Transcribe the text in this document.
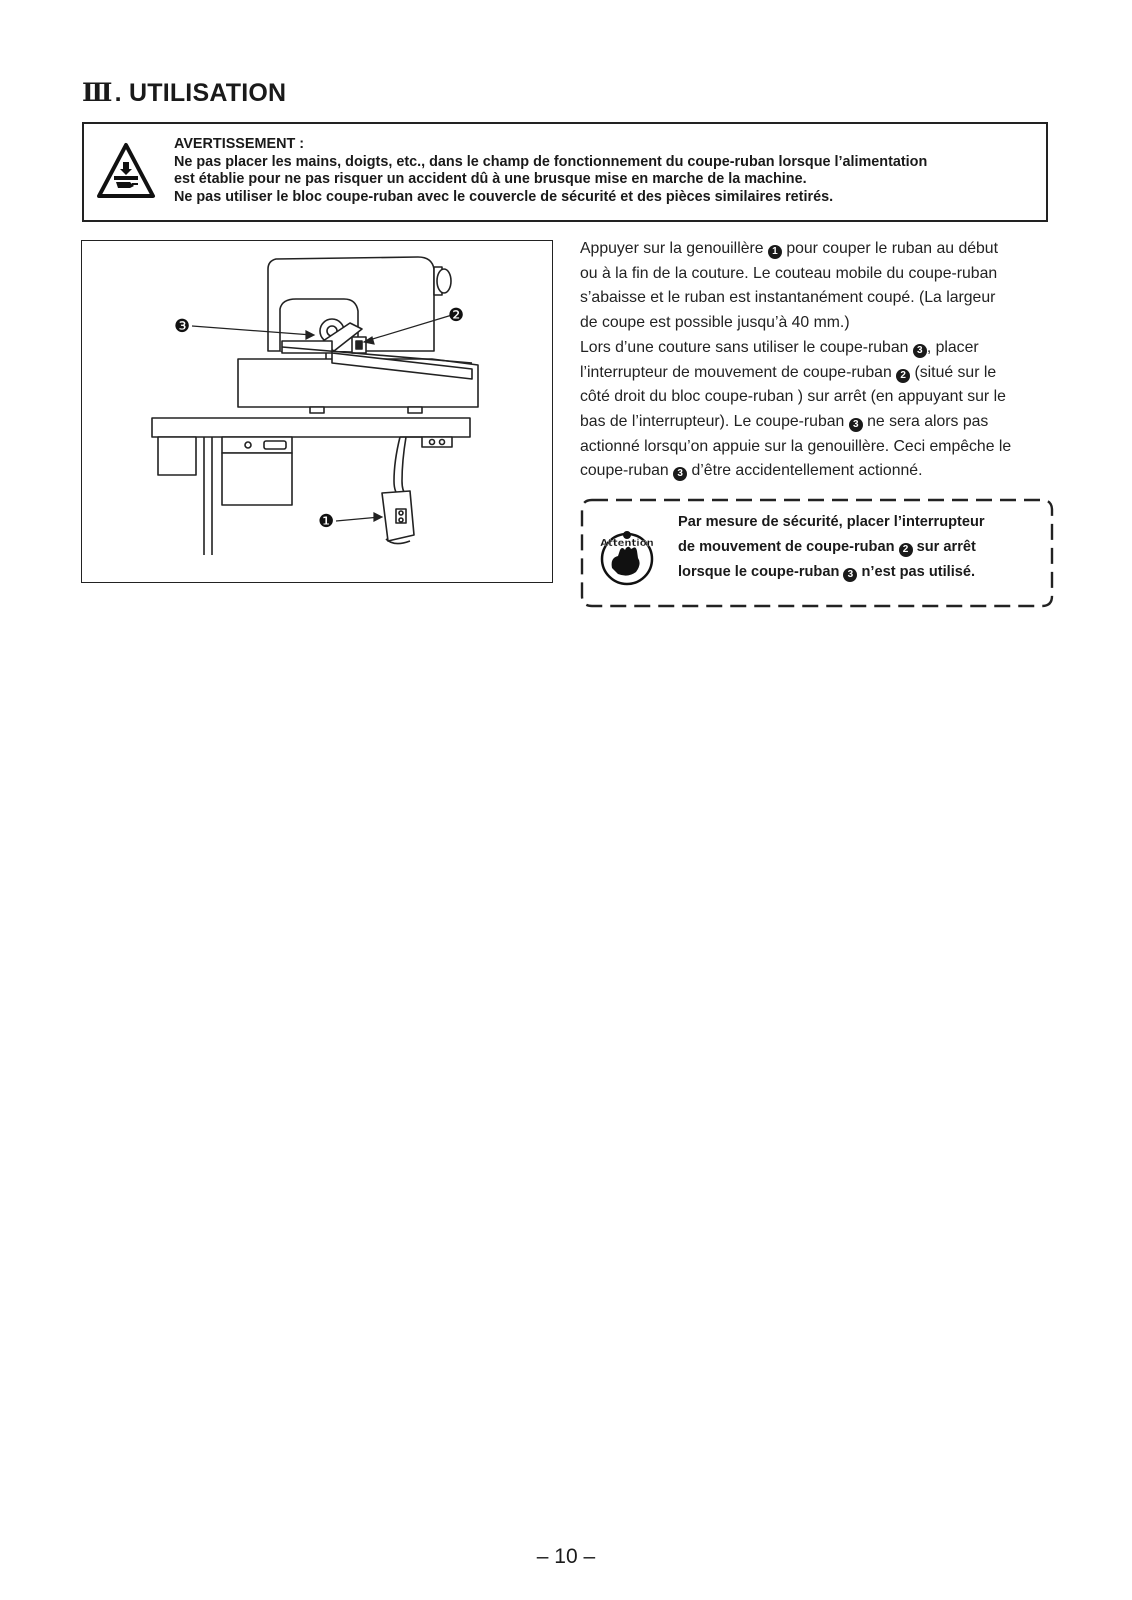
Ⅲ. UTILISATION
AVERTISSEMENT :
Ne pas placer les mains, doigts, etc., dans le champ de fonctionnement du coupe-ruban lorsque l’alimentation
est établie pour ne pas risquer un accident dû à une brusque mise en marche de la machine.
Ne pas utiliser le bloc coupe-ruban avec le couvercle de sécurité et des pièces similaires retirés.
❸
❷
❶

Appuyer sur la genouillère 1 pour couper le ruban au début
ou à la fin de la couture. Le couteau mobile du coupe-ruban
s’abaisse et le ruban est instantanément coupé. (La largeur
de coupe est possible jusqu’à 40 mm.)

Lors d’une couture sans utiliser le coupe-ruban 3 , placer
l’interrupteur de mouvement de coupe-ruban 2 (situé sur le
côté droit du bloc coupe-ruban ) sur arrêt (en appuyant sur le
bas de l’interrupteur). Le coupe-ruban 3 ne sera alors pas
actionné lorsqu’on appuie sur la genouillère. Ceci empêche le
coupe-ruban 3 d’être accidentellement actionné.

Attention
Par mesure de sécurité, placer l’interrupteur
de mouvement de coupe-ruban 2 sur arrêt
lorsque le coupe-ruban 3 n’est pas utilisé.
– 10 –
